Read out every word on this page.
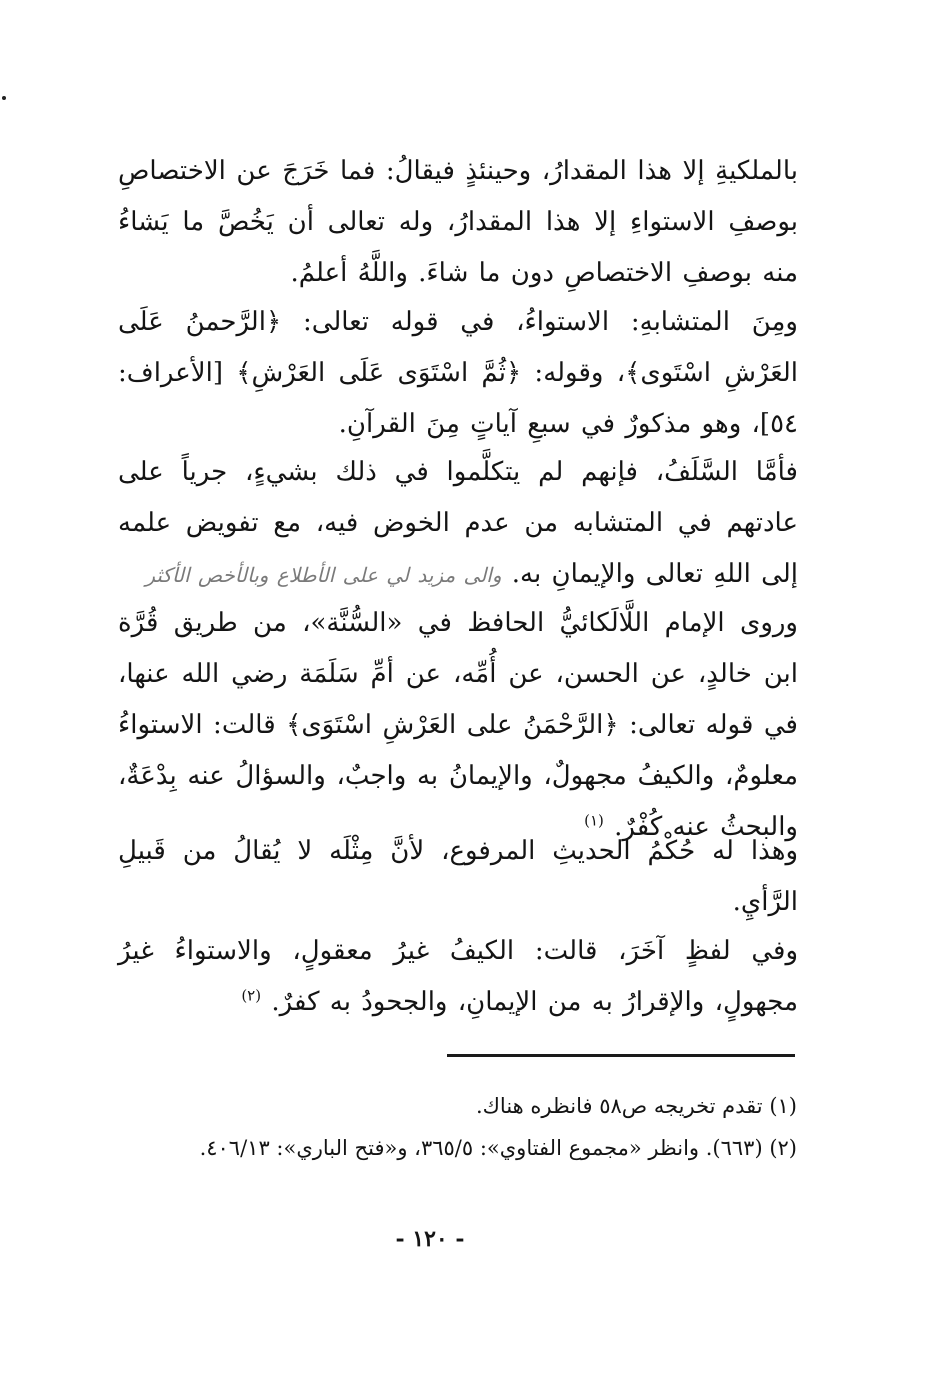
بالملكيةِ إلا هذا المقدارُ، وحينئذٍ فيقالُ: فما خَرَجَ عن الاختصاصِ بوصفِ الاستواءِ إلا هذا المقدارُ، وله تعالى أن يَخُصَّ ما يَشاءُ منه بوصفِ الاختصاصِ دون ما شاءَ. واللَّهُ أعلمُ.

ومِنَ المتشابهِ: الاستواءُ، في قوله تعالى: ﴿الرَّحمنُ عَلَى العَرْشِ اسْتَوى﴾، وقوله: ﴿ثُمَّ اسْتَوَى عَلَى العَرْشِ﴾ [الأعراف: ٥٤]، وهو مذكورٌ في سبعِ آياتٍ مِنَ القرآنِ.

فأمَّا السَّلَفُ، فإنهم لم يتكلَّموا في ذلك بشيءٍ، جرياً على عادتهم في المتشابه من عدم الخوض فيه، مع تفويض علمه إلى اللهِ تعالى والإيمانِ به. والى مزيد لي على الأطلاع وبالأخص الأكثر

وروى الإمام اللَّالَكائيُّ الحافظ في «السُّنَّة»، من طريق قُرَّة ابن خالدٍ، عن الحسن، عن أُمِّه، عن أمِّ سَلَمَة رضي الله عنها، في قوله تعالى: ﴿الرَّحْمَنُ على العَرْشِ اسْتَوَى﴾ قالت: الاستواءُ معلومٌ، والكيفُ مجهولٌ، والإيمانُ به واجبٌ، والسؤالُ عنه بِدْعَةٌ، والبحثُ عنه كُفْرٌ. $^{(١)}$

وهذا له حُكْمُ الحديثِ المرفوع، لأنَّ مِثْلَه لا يُقالُ من قَبيلِ الرَّأيِ.

وفي لفظٍ آخَرَ، قالت: الكيفُ غيرُ معقولٍ، والاستواءُ غيرُ مجهولٍ، والإقرارُ به من الإيمانِ، والجحودُ به كفرٌ. $^{(٢)}$

(١) تقدم تخريجه ص٥٨ فانظره هناك.

(٢) (٦٦٣). وانظر «مجموع الفتاوي»: ٣٦٥/٥، و«فتح الباري»: ٤٠٦/١٣.

- ١٢٠ -
